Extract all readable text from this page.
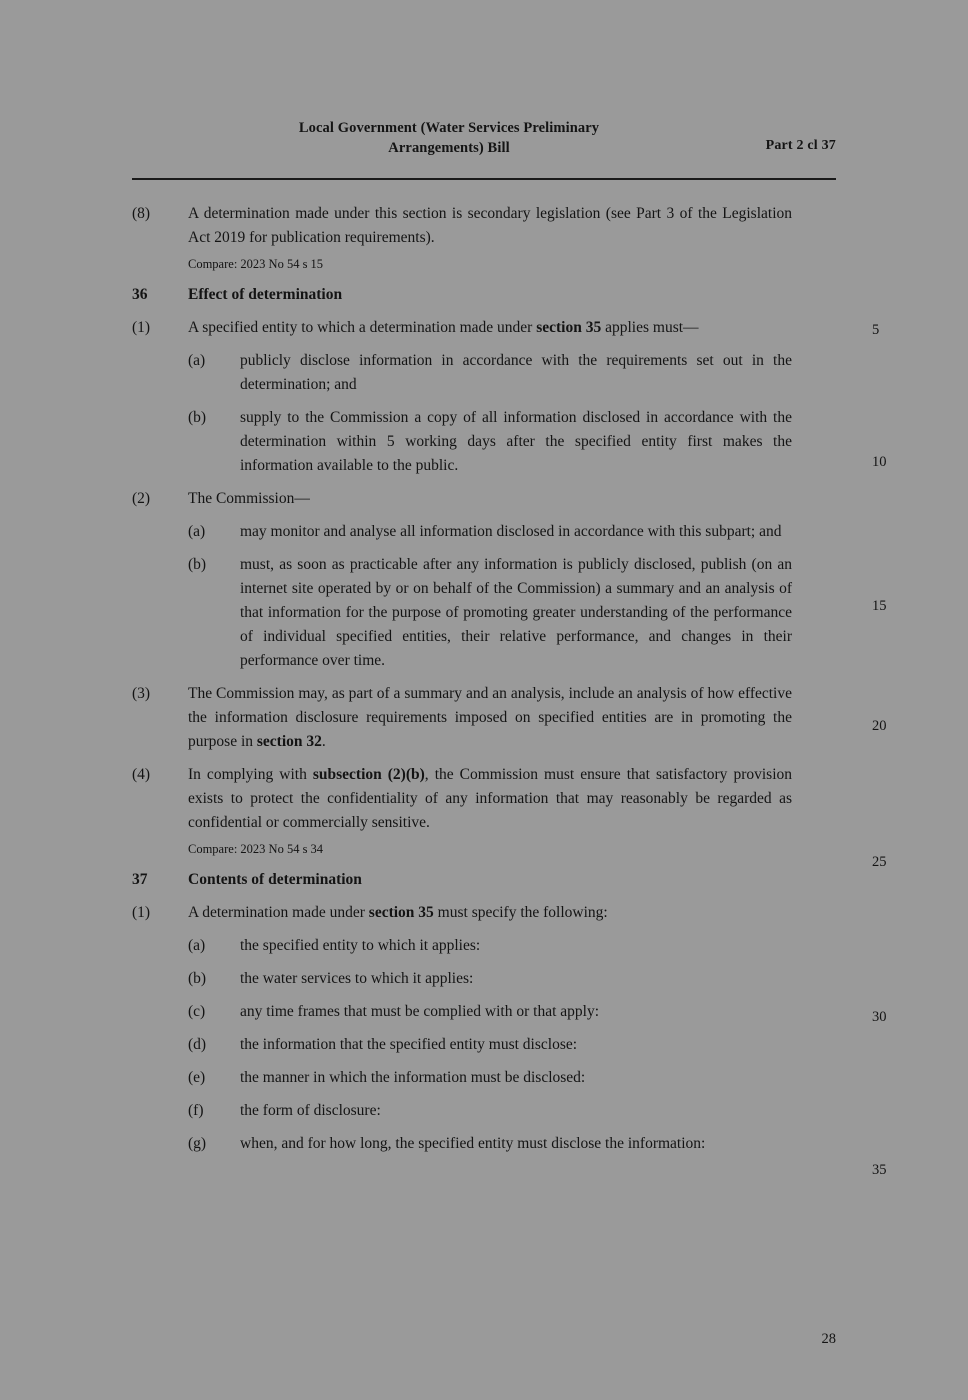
Local Government (Water Services Preliminary
Arrangements) Bill	Part 2 cl 37
(8)	A determination made under this section is secondary legislation (see Part 3 of the Legislation Act 2019 for publication requirements).
Compare: 2023 No 54 s 15
36	Effect of determination
(1)	A specified entity to which a determination made under section 35 applies must—
(a)	publicly disclose information in accordance with the requirements set out in the determination; and
(b)	supply to the Commission a copy of all information disclosed in accordance with the determination within 5 working days after the specified entity first makes the information available to the public.
(2)	The Commission—
(a)	may monitor and analyse all information disclosed in accordance with this subpart; and
(b)	must, as soon as practicable after any information is publicly disclosed, publish (on an internet site operated by or on behalf of the Commission) a summary and an analysis of that information for the purpose of promoting greater understanding of the performance of individual specified entities, their relative performance, and changes in their performance over time.
(3)	The Commission may, as part of a summary and an analysis, include an analysis of how effective the information disclosure requirements imposed on specified entities are in promoting the purpose in section 32.
(4)	In complying with subsection (2)(b), the Commission must ensure that satisfactory provision exists to protect the confidentiality of any information that may reasonably be regarded as confidential or commercially sensitive.
Compare: 2023 No 54 s 34
37	Contents of determination
(1)	A determination made under section 35 must specify the following:
(a)	the specified entity to which it applies:
(b)	the water services to which it applies:
(c)	any time frames that must be complied with or that apply:
(d)	the information that the specified entity must disclose:
(e)	the manner in which the information must be disclosed:
(f)	the form of disclosure:
(g)	when, and for how long, the specified entity must disclose the information:
5
10
15
20
25
30
35
28
